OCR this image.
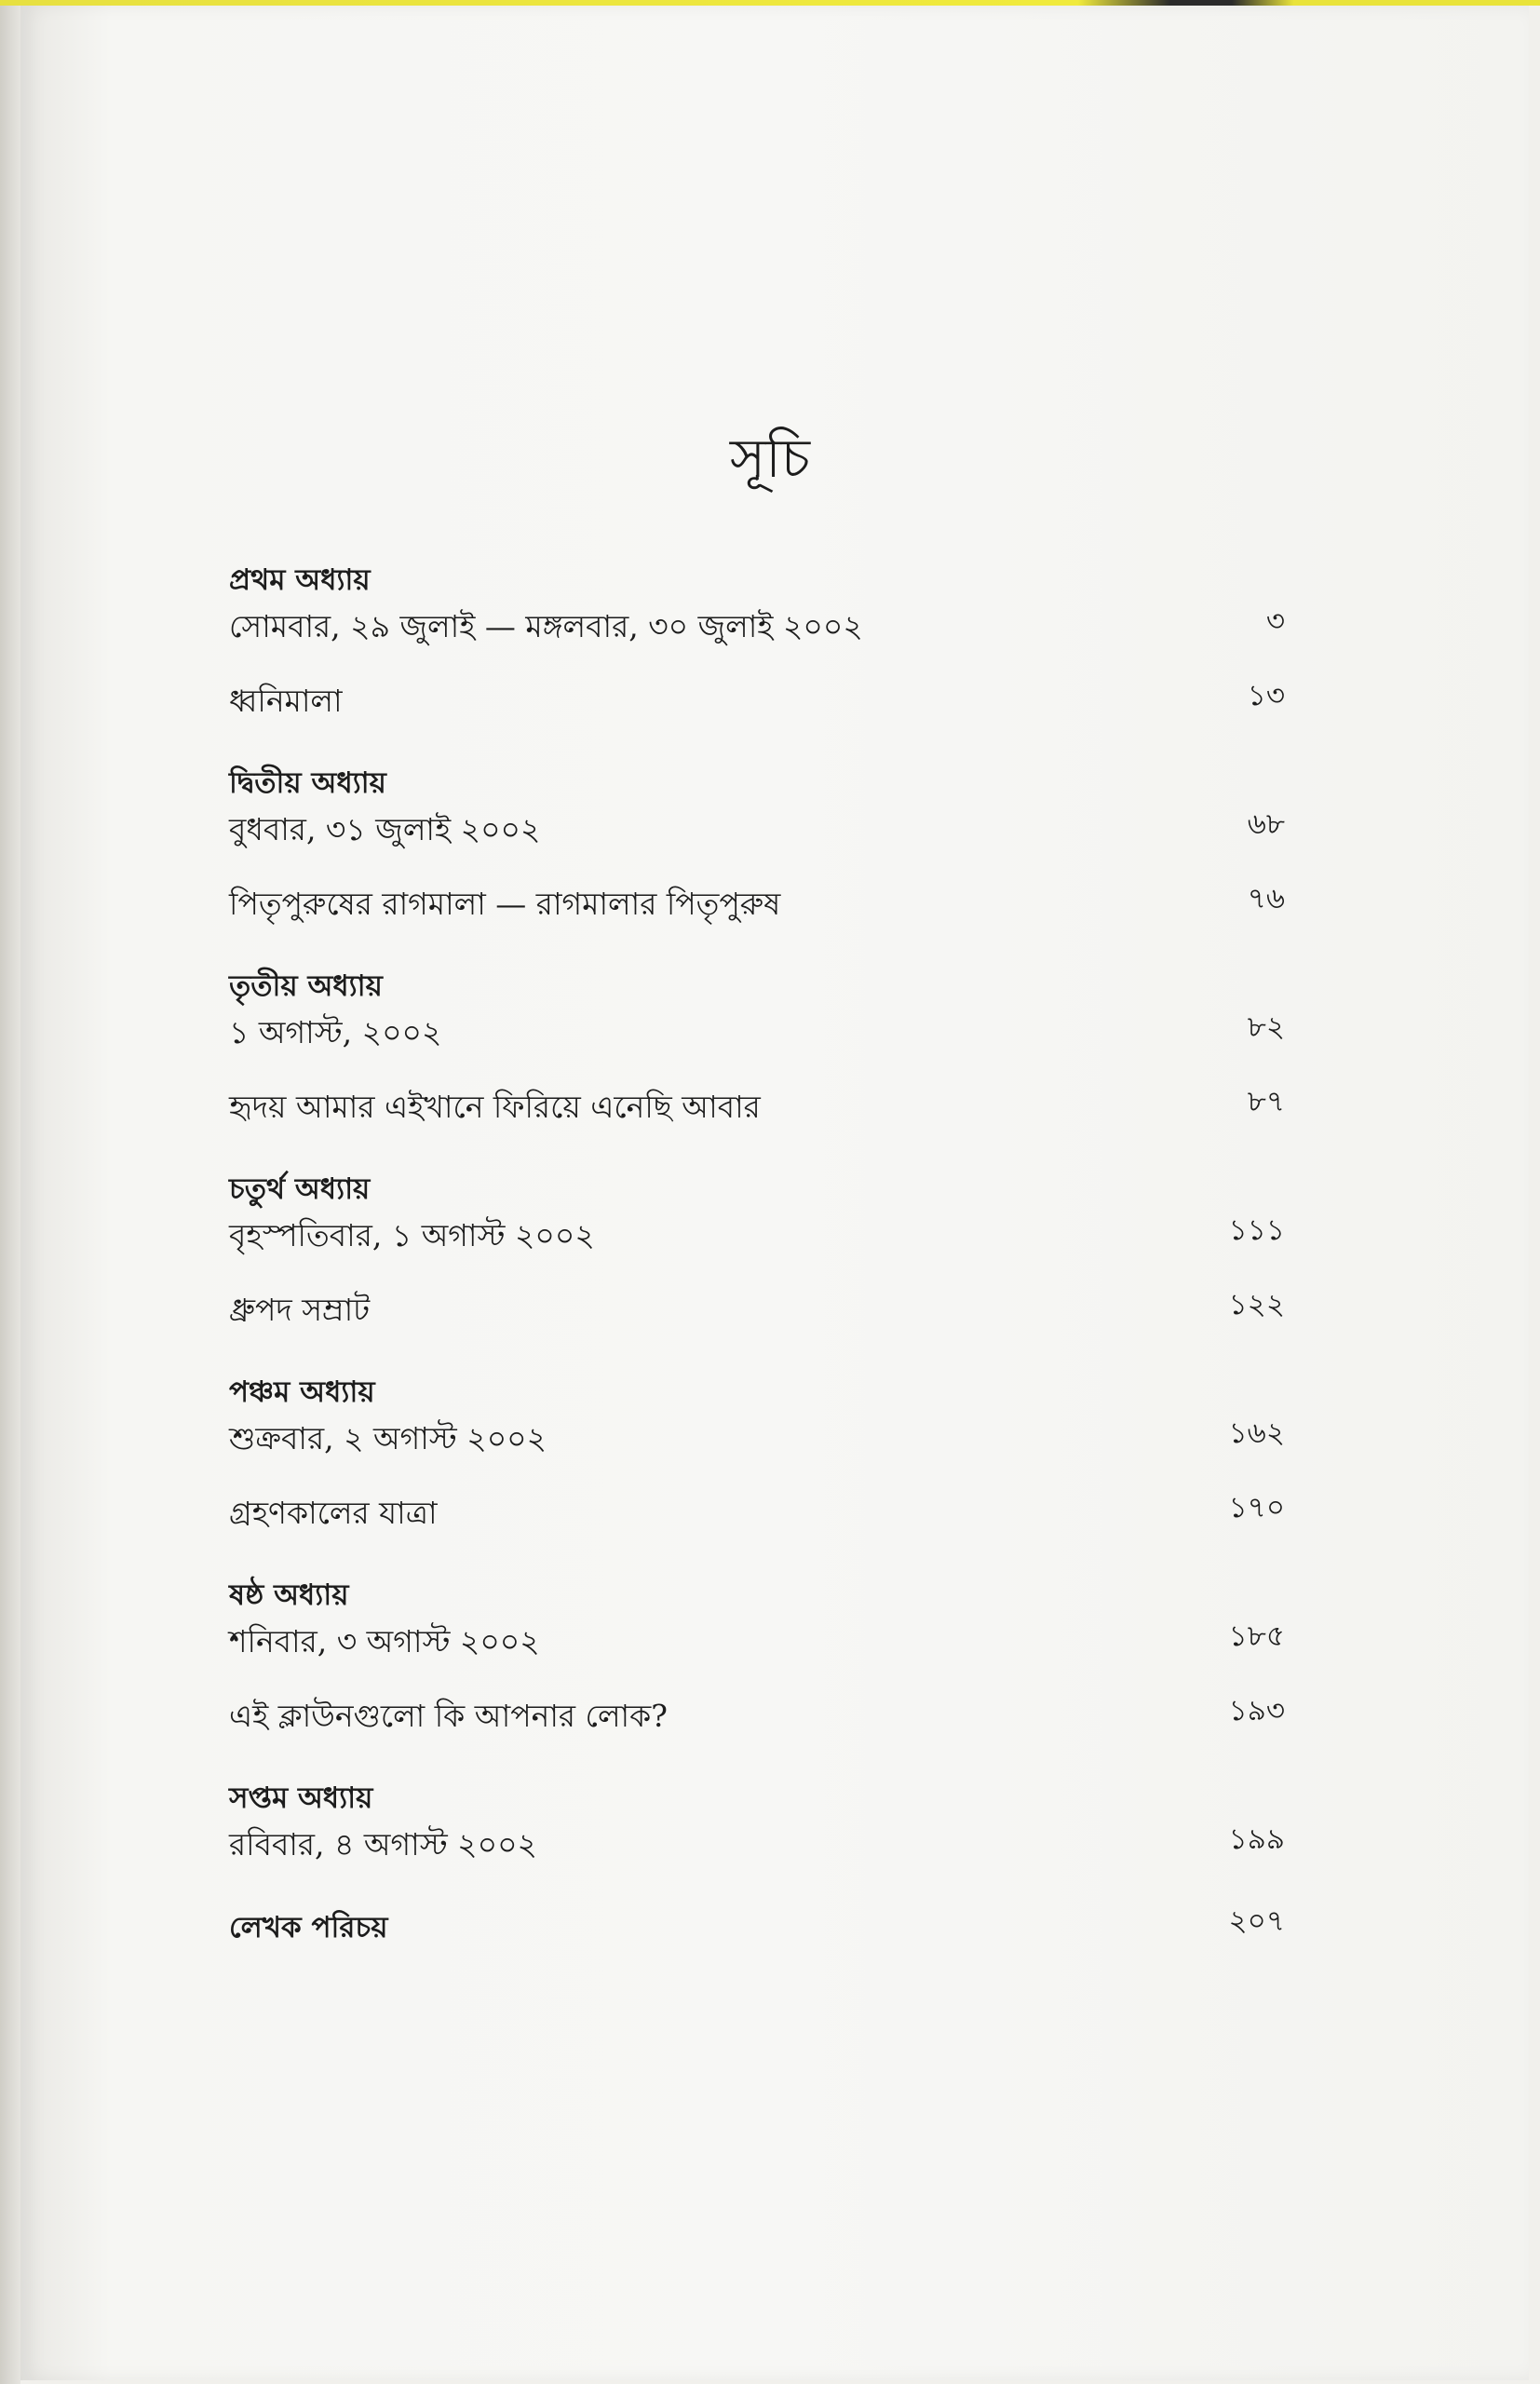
সূচি
প্রথম অধ্যায়
সোমবার, ২৯ জুলাই — মঙ্গলবার, ৩০ জুলাই ২০০২	৩
ধ্বনিমালা	১৩
দ্বিতীয় অধ্যায়
বুধবার, ৩১ জুলাই ২০০২	৬৮
পিতৃপুরুষের রাগমালা — রাগমালার পিতৃপুরুষ	৭৬
তৃতীয় অধ্যায়
১ অগাস্ট, ২০০২	৮২
হৃদয় আমার এইখানে ফিরিয়ে এনেছি আবার	৮৭
চতুর্থ অধ্যায়
বৃহস্পতিবার, ১ অগাস্ট ২০০২	১১১
ধ্রুপদ সম্রাট	১২২
পঞ্চম অধ্যায়
শুক্রবার, ২ অগাস্ট ২০০২	১৬২
গ্রহণকালের যাত্রা	১৭০
ষষ্ঠ অধ্যায়
শনিবার, ৩ অগাস্ট ২০০২	১৮৫
এই ক্লাউনগুলো কি আপনার লোক?	১৯৩
সপ্তম অধ্যায়
রবিবার, ৪ অগাস্ট ২০০২	১৯৯
লেখক পরিচয়	২০৭
